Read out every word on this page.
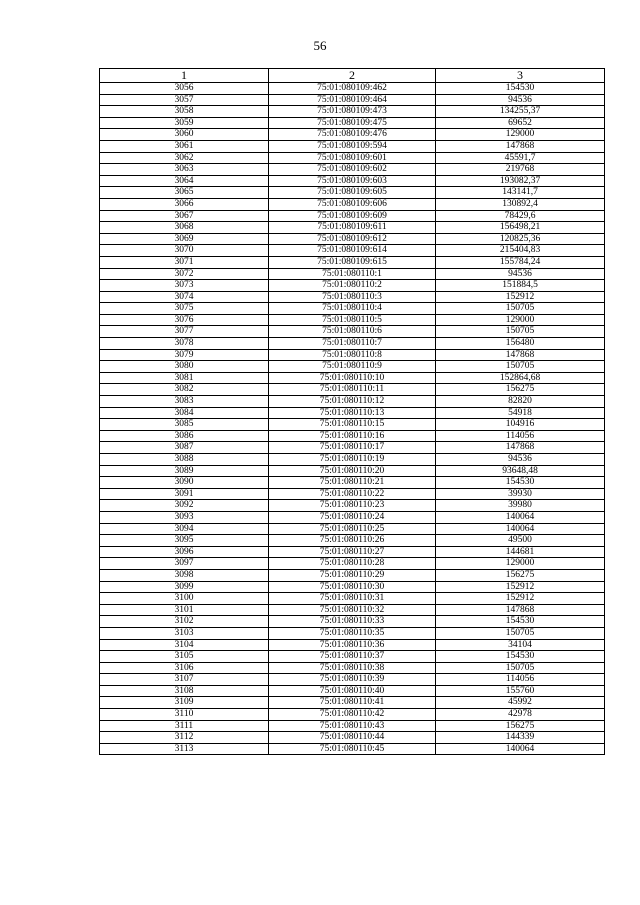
56
1	2	3
3056	75:01:080109:462	154530
3057	75:01:080109:464	94536
3058	75:01:080109:473	134255,37
3059	75:01:080109:475	69652
3060	75:01:080109:476	129000
3061	75:01:080109:594	147868
3062	75:01:080109:601	45591,7
3063	75:01:080109:602	219768
3064	75:01:080109:603	193082,37
3065	75:01:080109:605	143141,7
3066	75:01:080109:606	130892,4
3067	75:01:080109:609	78429,6
3068	75:01:080109:611	156498,21
3069	75:01:080109:612	120825,36
3070	75:01:080109:614	215404,83
3071	75:01:080109:615	155784,24
3072	75:01:080110:1	94536
3073	75:01:080110:2	151884,5
3074	75:01:080110:3	152912
3075	75:01:080110:4	150705
3076	75:01:080110:5	129000
3077	75:01:080110:6	150705
3078	75:01:080110:7	156480
3079	75:01:080110:8	147868
3080	75:01:080110:9	150705
3081	75:01:080110:10	152864,68
3082	75:01:080110:11	156275
3083	75:01:080110:12	82820
3084	75:01:080110:13	54918
3085	75:01:080110:15	104916
3086	75:01:080110:16	114056
3087	75:01:080110:17	147868
3088	75:01:080110:19	94536
3089	75:01:080110:20	93648,48
3090	75:01:080110:21	154530
3091	75:01:080110:22	39930
3092	75:01:080110:23	39980
3093	75:01:080110:24	140064
3094	75:01:080110:25	140064
3095	75:01:080110:26	49500
3096	75:01:080110:27	144681
3097	75:01:080110:28	129000
3098	75:01:080110:29	156275
3099	75:01:080110:30	152912
3100	75:01:080110:31	152912
3101	75:01:080110:32	147868
3102	75:01:080110:33	154530
3103	75:01:080110:35	150705
3104	75:01:080110:36	34104
3105	75:01:080110:37	154530
3106	75:01:080110:38	150705
3107	75:01:080110:39	114056
3108	75:01:080110:40	155760
3109	75:01:080110:41	45992
3110	75:01:080110:42	42978
3111	75:01:080110:43	156275
3112	75:01:080110:44	144339
3113	75:01:080110:45	140064
